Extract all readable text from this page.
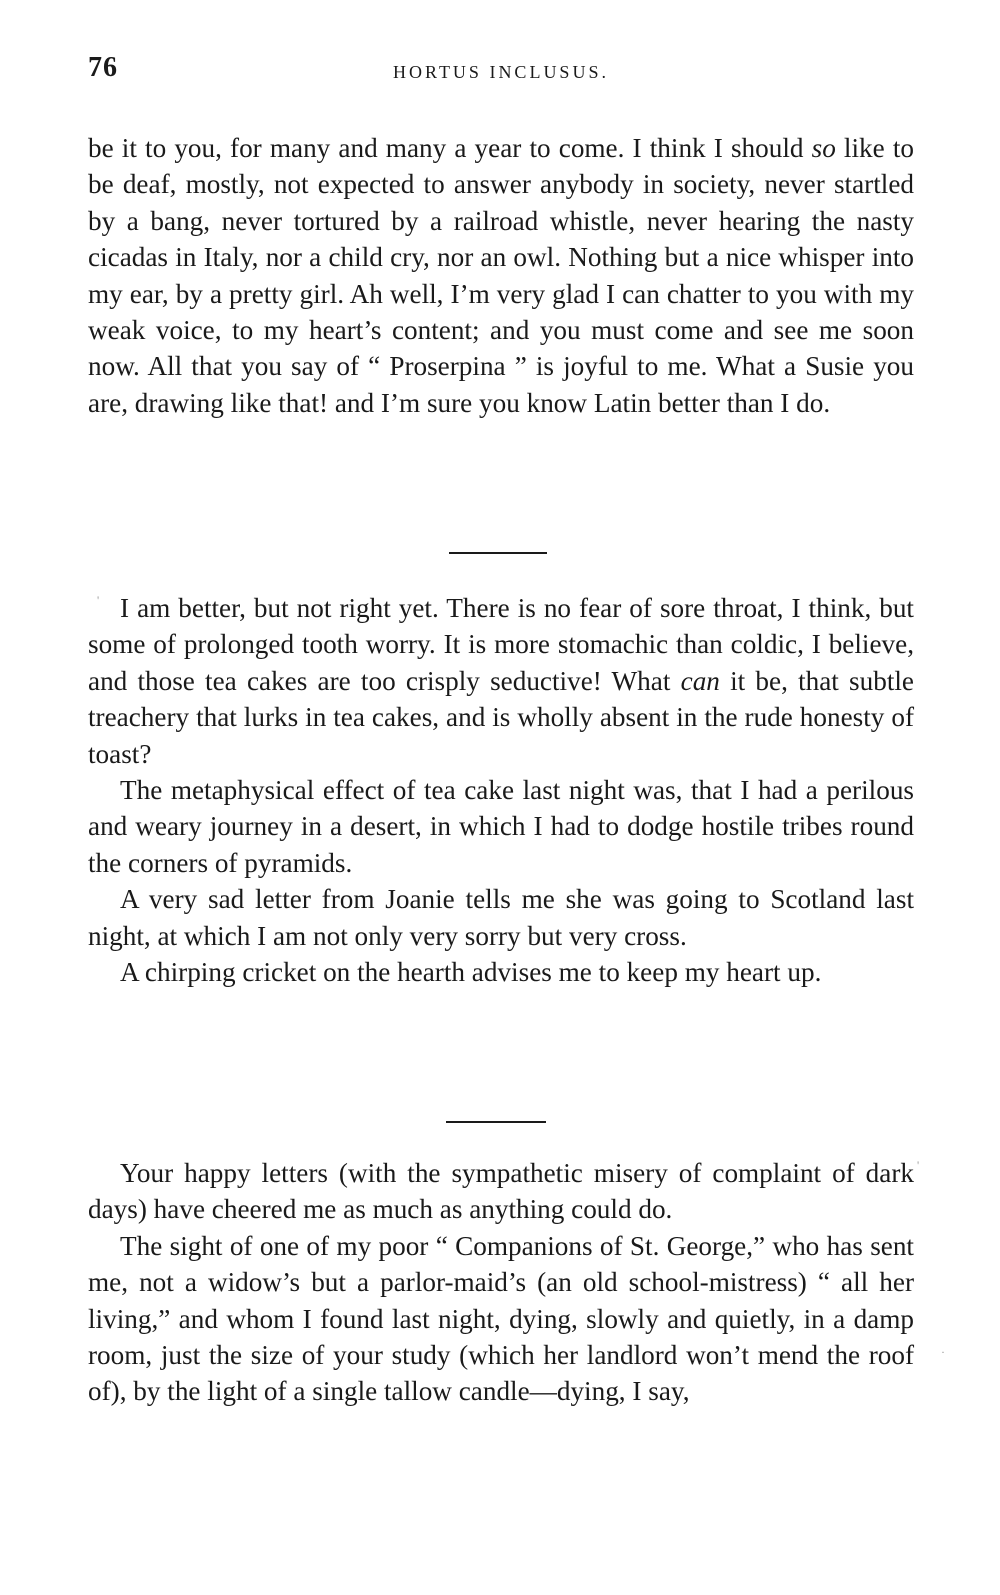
76	HORTUS INCLUSUS.

be it to you, for many and many a year to come. I think I should so like to be deaf, mostly, not expected to answer anybody in society, never startled by a bang, never tortured by a railroad whistle, never hearing the nasty cicadas in Italy, nor a child cry, nor an owl. Nothing but a nice whisper into my ear, by a pretty girl. Ah well, I’m very glad I can chatter to you with my weak voice, to my heart’s content; and you must come and see me soon now. All that you say of “ Proserpina ” is joyful to me. What a Susie you are, drawing like that! and I’m sure you know Latin better than I do.

' I am better, but not right yet. There is no fear of sore throat, I think, but some of prolonged tooth worry. It is more stomachic than coldic, I believe, and those tea cakes are too crisply seductive! What can it be, that subtle treachery that lurks in tea cakes, and is wholly absent in the rude honesty of toast?

The metaphysical effect of tea cake last night was, that I had a perilous and weary journey in a desert, in which I had to dodge hostile tribes round the corners of pyramids.

A very sad letter from Joanie tells me she was going to Scotland last night, at which I am not only very sorry but very cross.

A chirping cricket on the hearth advises me to keep my heart up.

'
·

Your happy letters (with the sympathetic misery of complaint of dark days) have cheered me as much as anything could do.

The sight of one of my poor “ Companions of St. George,” who has sent me, not a widow’s but a parlor-maid’s (an old school-mistress) “ all her living,” and whom I found last night, dying, slowly and quietly, in a damp room, just the size of your study (which her landlord won’t mend the roof of), by the light of a single tallow candle—dying, I say,
